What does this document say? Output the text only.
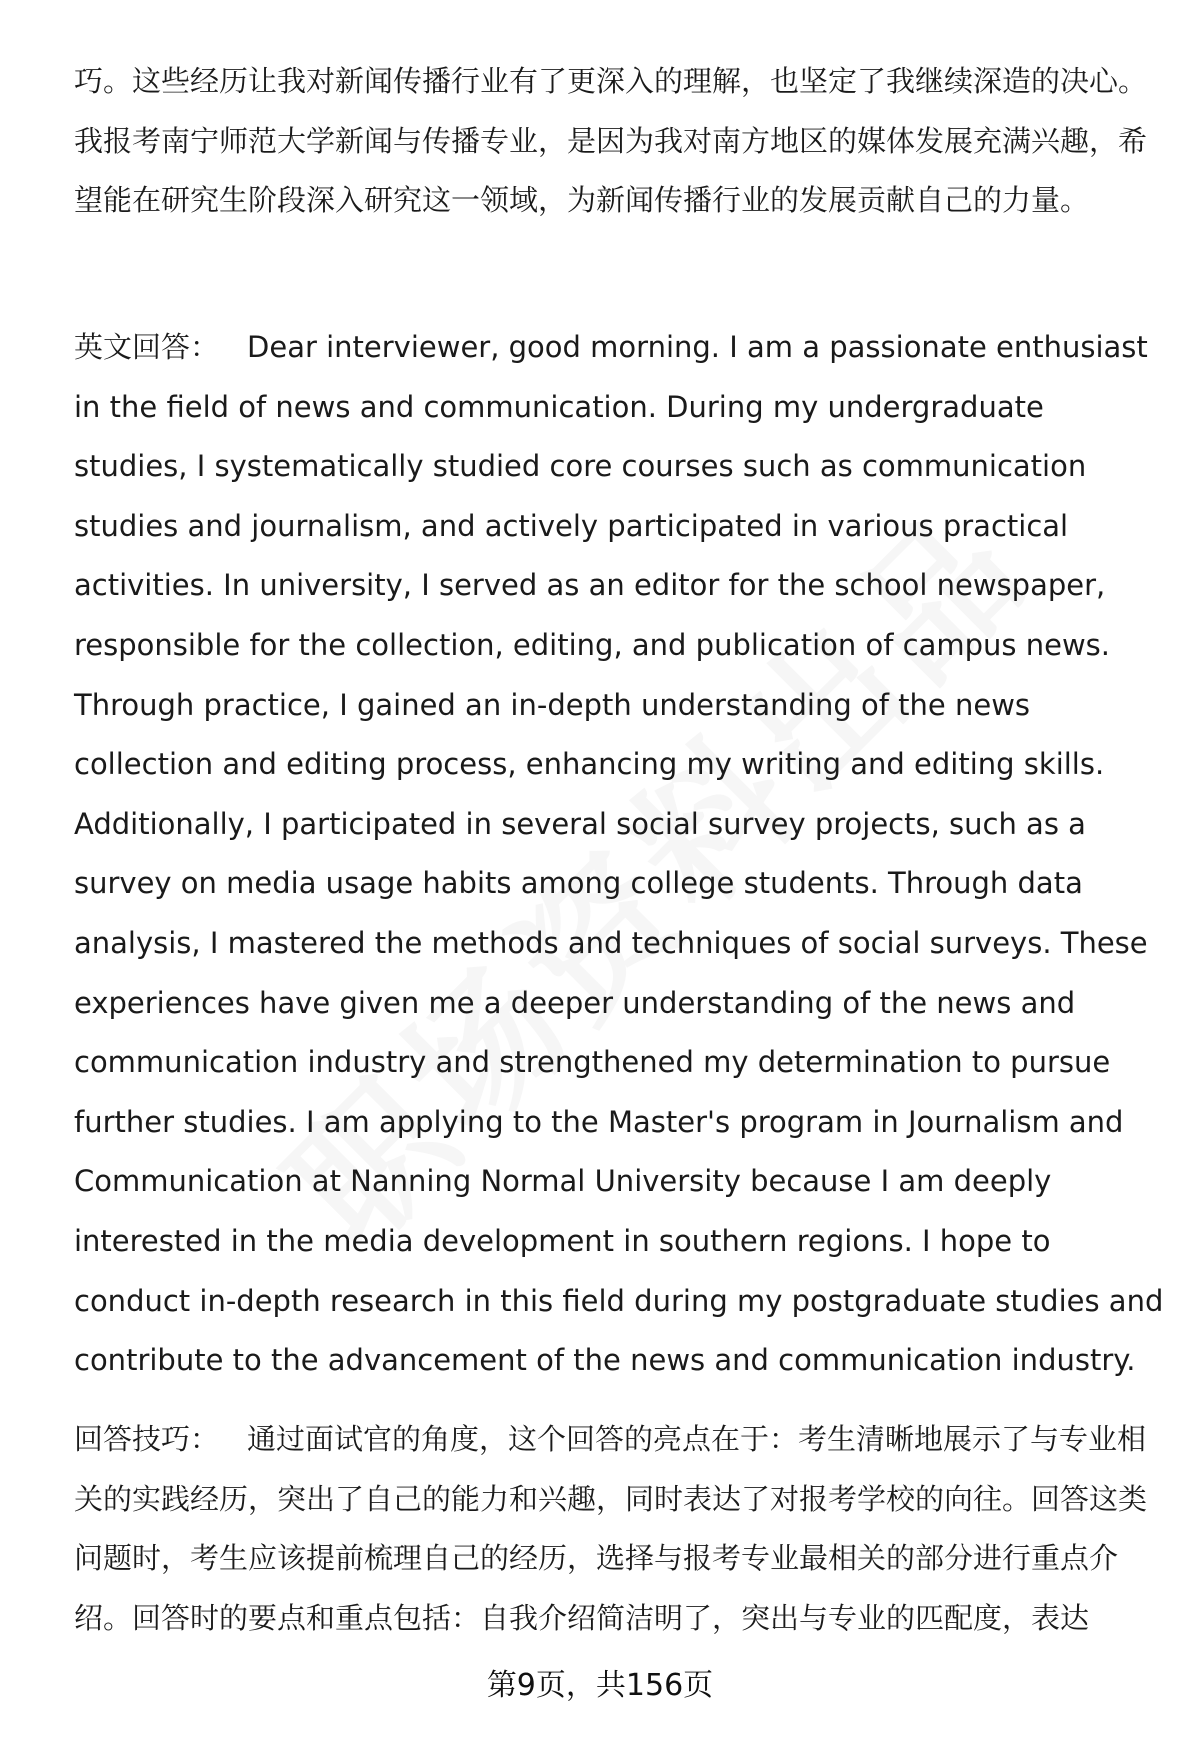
巧。这些经历让我对新闻传播行业有了更深入的理解，也坚定了我继续深造的决心。我报考南宁师范大学新闻与传播专业，是因为我对南方地区的媒体发展充满兴趣，希望能在研究生阶段深入研究这一领域，为新闻传播行业的发展贡献自己的力量。

英文回答： Dear interviewer, good morning. I am a passionate enthusiast in the field of news and communication. During my undergraduate studies, I systematically studied core courses such as communication studies and journalism, and actively participated in various practical activities. In university, I served as an editor for the school newspaper, responsible for the collection, editing, and publication of campus news. Through practice, I gained an in-depth understanding of the news collection and editing process, enhancing my writing and editing skills. Additionally, I participated in several social survey projects, such as a survey on media usage habits among college students. Through data analysis, I mastered the methods and techniques of social surveys. These experiences have given me a deeper understanding of the news and communication industry and strengthened my determination to pursue further studies. I am applying to the Master's program in Journalism and Communication at Nanning Normal University because I am deeply interested in the media development in southern regions. I hope to conduct in-depth research in this field during my postgraduate studies and contribute to the advancement of the news and communication industry.

回答技巧： 通过面试官的角度，这个回答的亮点在于：考生清晰地展示了与专业相关的实践经历，突出了自己的能力和兴趣，同时表达了对报考学校的向往。回答这类问题时，考生应该提前梳理自己的经历，选择与报考专业最相关的部分进行重点介绍。回答时的要点和重点包括：自我介绍简洁明了，突出与专业的匹配度，表达

第9页，共156页
